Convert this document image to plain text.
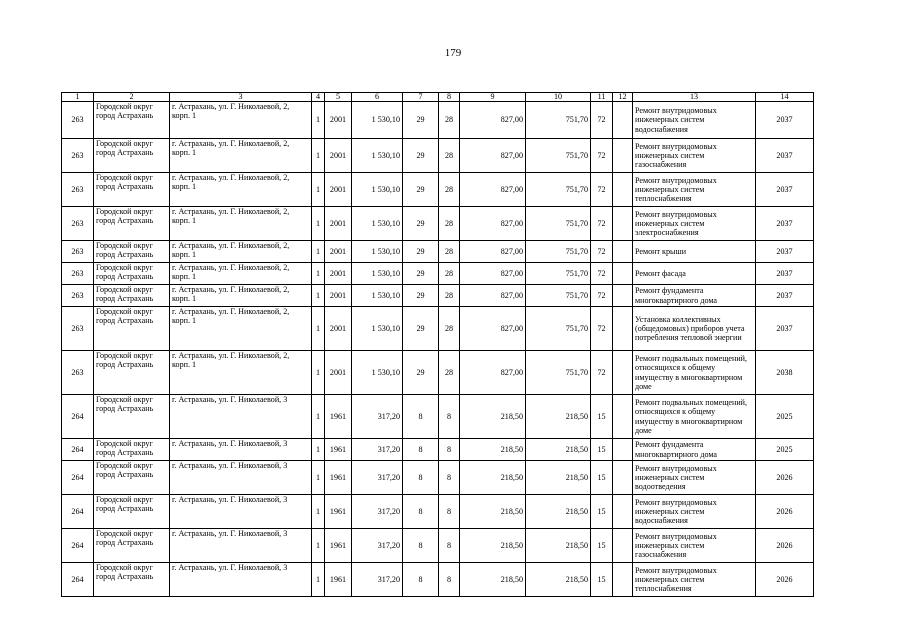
179
1	2	3	4	5	6	7	8	9	10	11	12	13	14
263	Городской округ город Астрахань	г. Астрахань, ул. Г. Николаевой, 2, корп. 1	1	2001	1 530,10	29	28	827,00	751,70	72		Ремонт внутридомовых инженерных систем водоснабжения	2037
263	Городской округ город Астрахань	г. Астрахань, ул. Г. Николаевой, 2, корп. 1	1	2001	1 530,10	29	28	827,00	751,70	72		Ремонт внутридомовых инженерных систем газоснабжения	2037
263	Городской округ город Астрахань	г. Астрахань, ул. Г. Николаевой, 2, корп. 1	1	2001	1 530,10	29	28	827,00	751,70	72		Ремонт внутридомовых инженерных систем теплоснабжения	2037
263	Городской округ город Астрахань	г. Астрахань, ул. Г. Николаевой, 2, корп. 1	1	2001	1 530,10	29	28	827,00	751,70	72		Ремонт внутридомовых инженерных систем электроснабжения	2037
263	Городской округ город Астрахань	г. Астрахань, ул. Г. Николаевой, 2, корп. 1	1	2001	1 530,10	29	28	827,00	751,70	72		Ремонт крыши	2037
263	Городской округ город Астрахань	г. Астрахань, ул. Г. Николаевой, 2, корп. 1	1	2001	1 530,10	29	28	827,00	751,70	72		Ремонт фасада	2037
263	Городской округ город Астрахань	г. Астрахань, ул. Г. Николаевой, 2, корп. 1	1	2001	1 530,10	29	28	827,00	751,70	72		Ремонт фундамента многоквартирного дома	2037
263	Городской округ город Астрахань	г. Астрахань, ул. Г. Николаевой, 2, корп. 1	1	2001	1 530,10	29	28	827,00	751,70	72		Установка коллективных (общедомовых) приборов учета потребления тепловой энергии	2037
263	Городской округ город Астрахань	г. Астрахань, ул. Г. Николаевой, 2, корп. 1	1	2001	1 530,10	29	28	827,00	751,70	72		Ремонт подвальных помещений, относящихся к общему имуществу в многоквартирном доме	2038
264	Городской округ город Астрахань	г. Астрахань, ул. Г. Николаевой, 3	1	1961	317,20	8	8	218,50	218,50	15		Ремонт подвальных помещений, относящихся к общему имуществу в многоквартирном доме	2025
264	Городской округ город Астрахань	г. Астрахань, ул. Г. Николаевой, 3	1	1961	317,20	8	8	218,50	218,50	15		Ремонт фундамента многоквартирного дома	2025
264	Городской округ город Астрахань	г. Астрахань, ул. Г. Николаевой, 3	1	1961	317,20	8	8	218,50	218,50	15		Ремонт внутридомовых инженерных систем водоотведения	2026
264	Городской округ город Астрахань	г. Астрахань, ул. Г. Николаевой, 3	1	1961	317,20	8	8	218,50	218,50	15		Ремонт внутридомовых инженерных систем водоснабжения	2026
264	Городской округ город Астрахань	г. Астрахань, ул. Г. Николаевой, 3	1	1961	317,20	8	8	218,50	218,50	15		Ремонт внутридомовых инженерных систем газоснабжения	2026
264	Городской округ город Астрахань	г. Астрахань, ул. Г. Николаевой, 3	1	1961	317,20	8	8	218,50	218,50	15		Ремонт внутридомовых инженерных систем теплоснабжения	2026
